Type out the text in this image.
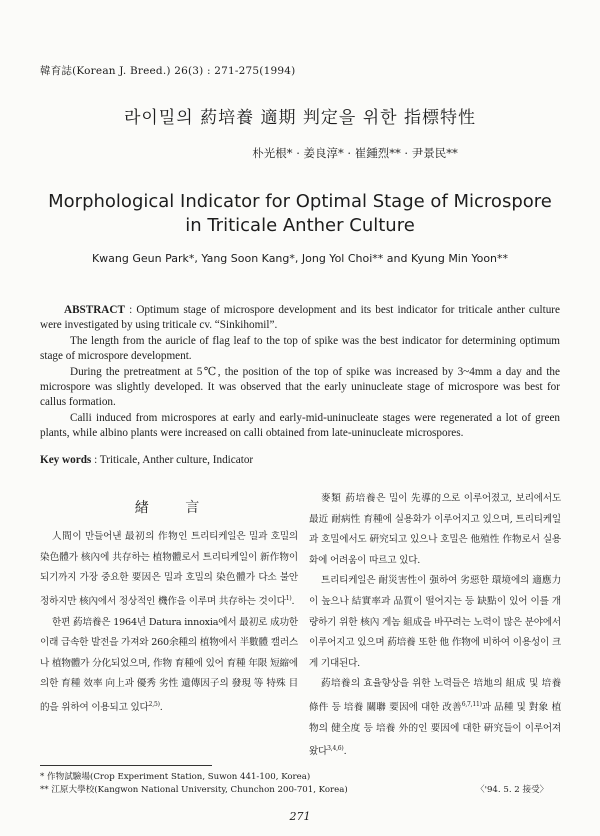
韓育誌(Korean J. Breed.) 26(3) : 271-275(1994)
라이밀의 葯培養 適期 判定을 위한 指標特性
朴光根* · 姜良淳* · 崔鍾烈** · 尹景民**
Morphological Indicator for Optimal Stage of Microspore
in Triticale Anther Culture
Kwang Geun Park*, Yang Soon Kang*, Jong Yol Choi** and Kyung Min Yoon**

ABSTRACT : Optimum stage of microspore development and its best indicator for triticale anther culture were investigated by using triticale cv. “Sinkihomil”.

The length from the auricle of flag leaf to the top of spike was the best indicator for determining optimum stage of microspore development.

During the pretreatment at 5℃, the position of the top of spike was increased by 3~4mm a day and the microspore was slightly developed. It was observed that the early uninucleate stage of microspore was best for callus formation.

Calli induced from microspores at early and early-mid-uninucleate stages were regenerated a lot of green plants, while albino plants were increased on calli obtained from late-uninucleate microspores.

Key words : Triticale, Anther culture, Indicator
緖 言

人間이 만들어낸 最初의 作物인 트리티케일은 밀과 호밀의 染色體가 核內에 共存하는 植物體로서 트리티케일이 新作物이 되기까지 가장 중요한 要因은 밀과 호밀의 染色體가 다소 불안정하지만 核內에서 정상적인 機作을 이루며 共存하는 것이다$^{1)}$.

한편 葯培養은 1964년 Datura innoxia에서 最初로 成功한 이래 급속한 발전을 가져와 260余種의 植物에서 半數體 캘러스나 植物體가 分化되었으며, 作物 育種에 있어 育種 年限 短縮에 의한 育種 效率 向上과 優秀 劣性 遺傳因子의 發現 等 特殊 目的을 위하여 이용되고 있다$^{2,5)}$.

麥類 葯培養은 밀이 先導的으로 이루어졌고, 보리에서도 最近 耐病性 育種에 실용화가 이루어지고 있으며, 트리티케일과 호밀에서도 硏究되고 있으나 호밀은 他殖性 作物로서 실용화에 어려움이 따르고 있다.

트리티케일은 耐災害性이 强하여 劣惡한 環境에의 適應力이 높으나 結實率과 品質이 떨어지는 등 缺點이 있어 이를 개량하기 위한 核內 게놈 組成을 바꾸려는 노력이 많은 분야에서 이루어지고 있으며 葯培養 또한 他 作物에 비하여 이용성이 크게 기대된다.

葯培養의 효율향상을 위한 노력들은 培地의 組成 및 培養條件 등 培養 關聯 要因에 대한 改善$^{6,7,11)}$과 品種 및 對象 植物의 健全度 등 培養 外的인 要因에 대한 硏究들이 이루어져 왔다$^{3,4,6)}$.

* 作物試驗場(Crop Experiment Station, Suwon 441-100, Korea)
** 江原大學校(Kangwon National University, Chunchon 200-701, Korea)	〈'94. 5. 2 接受〉
271
